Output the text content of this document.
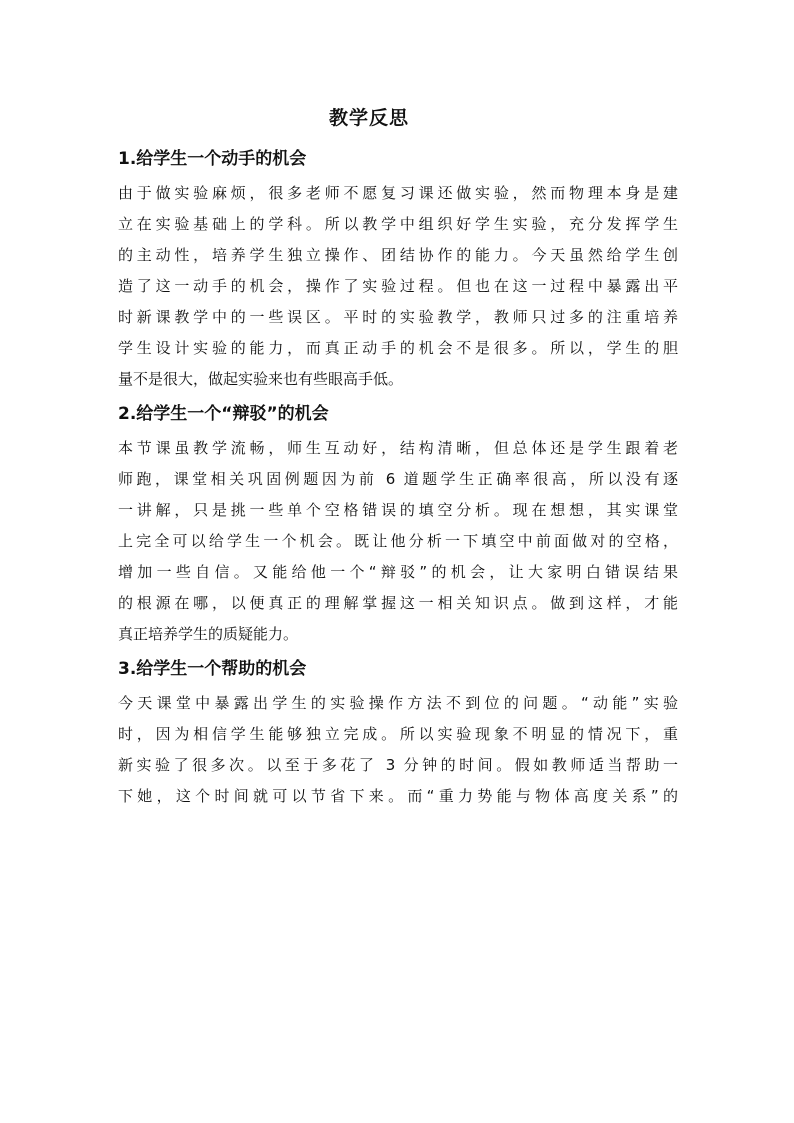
教学反思
1.给学生一个动手的机会
由于做实验麻烦，很多老师不愿复习课还做实验，然而物理本身是建
立在实验基础上的学科。所以教学中组织好学生实验，充分发挥学生
的主动性，培养学生独立操作、团结协作的能力。今天虽然给学生创
造了这一动手的机会，操作了实验过程。但也在这一过程中暴露出平
时新课教学中的一些误区。平时的实验教学，教师只过多的注重培养
学生设计实验的能力，而真正动手的机会不是很多。所以，学生的胆
量不是很大，做起实验来也有些眼高手低。
2.给学生一个“辩驳”的机会
本节课虽教学流畅，师生互动好，结构清晰，但总体还是学生跟着老
师跑，课堂相关巩固例题因为前 6 道题学生正确率很高，所以没有逐
一讲解，只是挑一些单个空格错误的填空分析。现在想想，其实课堂
上完全可以给学生一个机会。既让他分析一下填空中前面做对的空格，
增加一些自信。又能给他一个“辩驳”的机会，让大家明白错误结果
的根源在哪，以便真正的理解掌握这一相关知识点。做到这样，才能
真正培养学生的质疑能力。
3.给学生一个帮助的机会
今天课堂中暴露出学生的实验操作方法不到位的问题。“动能”实验
时，因为相信学生能够独立完成。所以实验现象不明显的情况下，重
新实验了很多次。以至于多花了 3 分钟的时间。假如教师适当帮助一
下她，这个时间就可以节省下来。而“重力势能与物体高度关系”的
